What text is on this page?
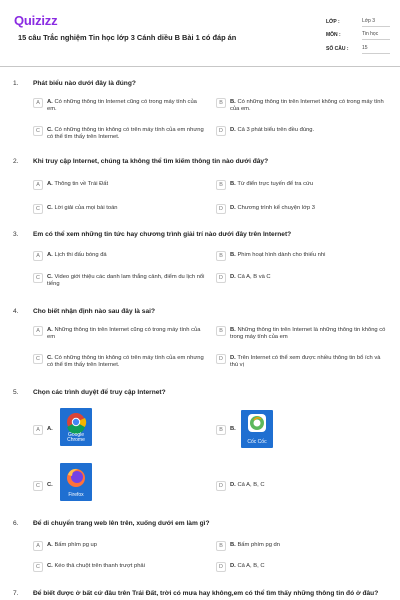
Quizizz
15 câu Trắc nghiệm Tin học lớp 3 Cánh diều B Bài 1 có đáp án
LỚP :	Lớp 3
MÔN :	Tin học
SỐ CÂU :	15
1. Phát biểu nào dưới đây là đúng?
A	A. Có những thông tin Internet cũng có trong máy tính của em.
B	B. Có những thông tin trên Internet không có trong máy tính của em.
C	C. Có những thông tin không có trên máy tính của em nhưng có thể tìm thấy trên Internet.
D	D. Cả 3 phát biểu trên đều đúng.
2. Khi truy cập Internet, chúng ta không thể tìm kiếm thông tin nào dưới đây?
A	A. Thông tin về Trái Đất	B	B. Từ điển trực tuyến để tra cứu
C	C. Lời giải của mọi bài toán	D	D. Chương trình kể chuyện lớp 3
3. Em có thể xem những tin tức hay chương trình giải trí nào dưới đây trên Internet?
A	A. Lịch thi đấu bóng đá	B	B. Phim hoạt hình dành cho thiếu nhi
C	C. Video giới thiệu các danh lam thắng cảnh, điểm du lịch nổi tiếng
D	D. Cả A, B và C
4. Cho biết nhận định nào sau đây là sai?
A	A. Những thông tin trên Internet cũng có trong máy tính của em
B	B. Những thông tin trên Internet là những thông tin không có trong máy tính của em
C	C. Có những thông tin không có trên máy tính của em nhưng có thể tìm thấy trên Internet.
D	D. Trên Internet có thể xem được nhiều thông tin bổ ích và thú vị
5. Chọn các trình duyệt để truy cập Internet?
A	A.
Google Chrome
B	B.
Cốc Cốc
C	C.
Firefox
D	D. Cả A, B, C
6. Để di chuyển trang web lên trên, xuống dưới em làm gì?
A	A. Bấm phím pg up	B	B. Bấm phím pg dn
C	C. Kéo thả chuột trên thanh trượt phải	D	D. Cả A, B, C
7. Để biết được ở bất cứ đâu trên Trái Đất, trời có mưa hay không,em có thể tìm thấy những thông tin đó ở đâu?
